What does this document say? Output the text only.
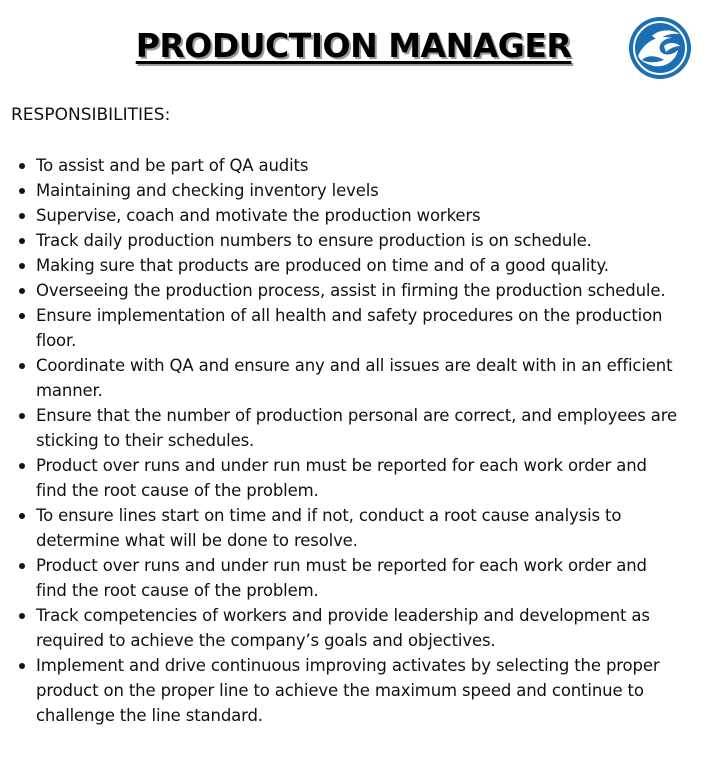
PRODUCTION MANAGER
RESPONSIBILITIES:
To assist and be part of QA audits
Maintaining and checking inventory levels
Supervise, coach and motivate the production workers
Track daily production numbers to ensure production is on schedule.
Making sure that products are produced on time and of a good quality.
Overseeing the production process, assist in firming the production schedule.
Ensure implementation of all health and safety procedures on the production floor.
Coordinate with QA and ensure any and all issues are dealt with in an efficient manner.
Ensure that the number of production personal are correct, and employees are sticking to their schedules.
Product over runs and under run must be reported for each work order and find the root cause of the problem.
To ensure lines start on time and if not, conduct a root cause analysis to determine what will be done to resolve.
Product over runs and under run must be reported for each work order and find the root cause of the problem.
Track competencies of workers and provide leadership and development as required to achieve the company’s goals and objectives.
Implement and drive continuous improving activates by selecting the proper product on the proper line to achieve the maximum speed and continue to challenge the line standard.
